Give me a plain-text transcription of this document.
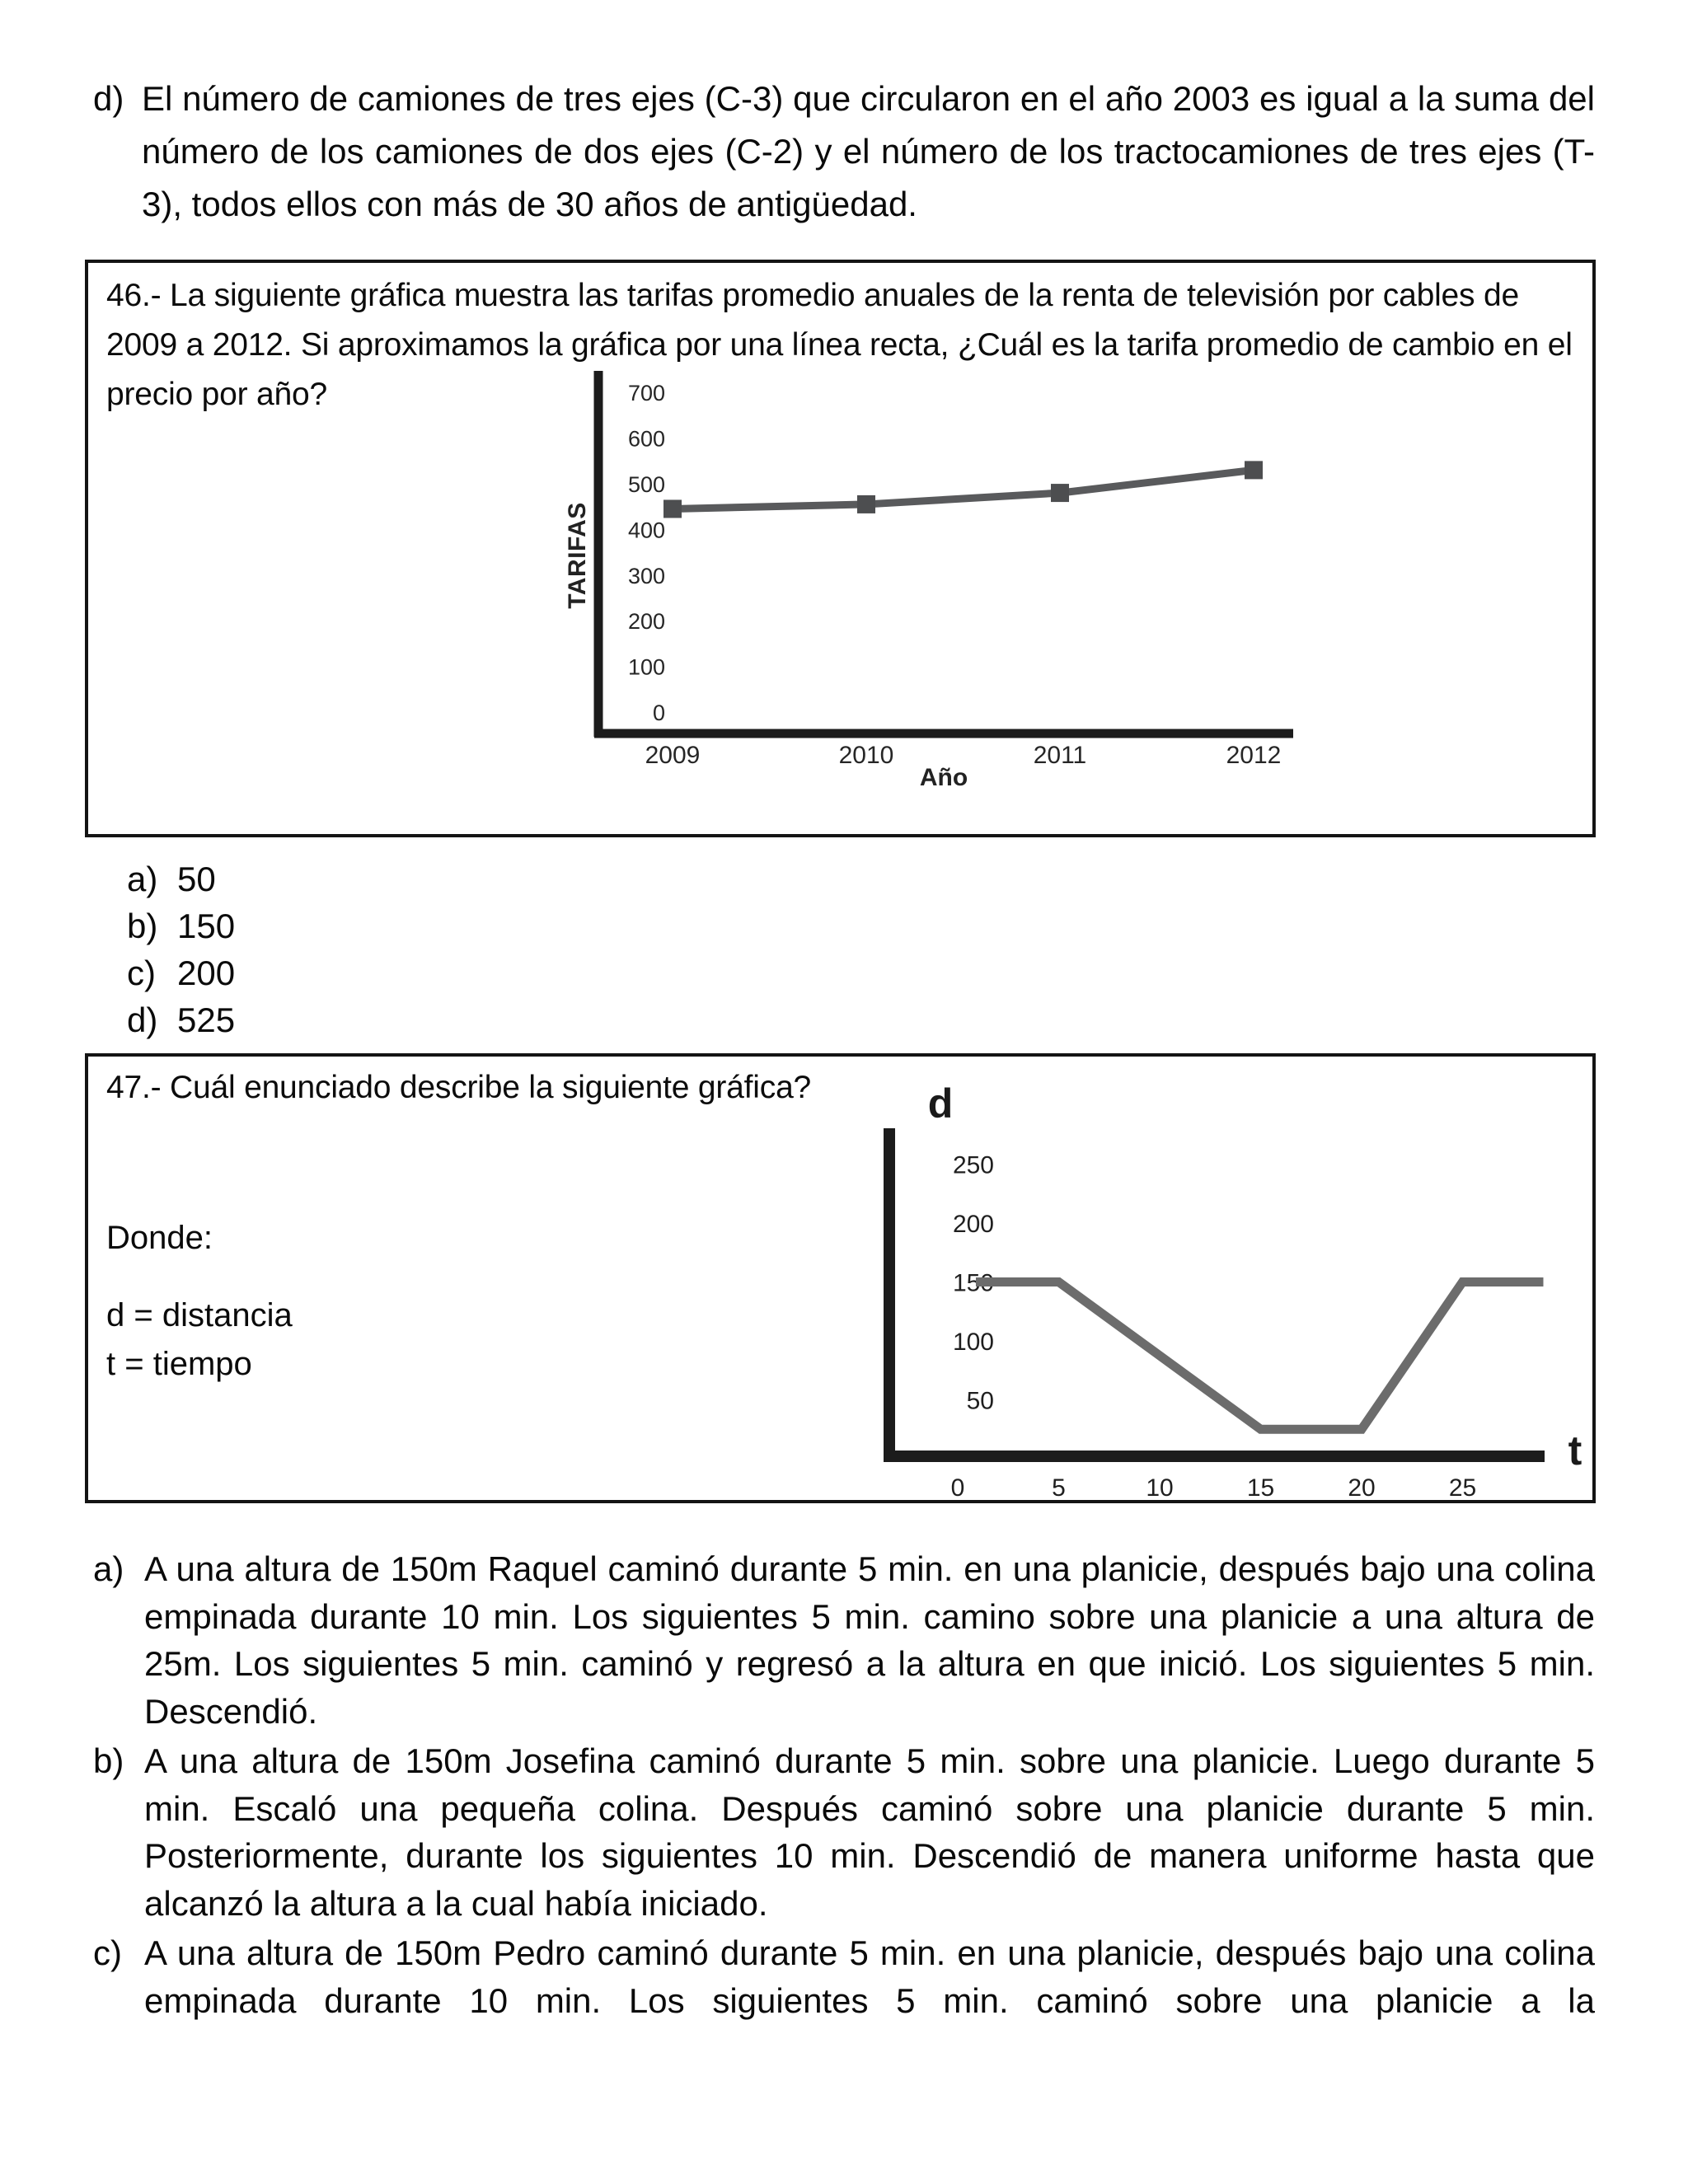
d) El número de camiones de tres ejes (C-3) que circularon en el año 2003 es igual a la suma del número de los camiones de dos ejes (C-2) y el número de los tractocamiones de tres ejes (T-3), todos ellos con más de 30 años de antigüedad.
46.- La siguiente gráfica muestra las tarifas promedio anuales de la renta de televisión por cables de 2009 a 2012. Si aproximamos la gráfica por una línea recta, ¿Cuál es la tarifa promedio de cambio en el precio por año?
TARIFAS
700
600
500
400
300
200
100
0
2009	2010	2011	2012
Año
a) 50
b) 150
c) 200
d) 525
47.- Cuál enunciado describe la siguiente gráfica?
Donde:
d = distancia
t = tiempo
d
250
200
150
100
50
0	5	10	15	20	25
t
a) A una altura de 150m Raquel caminó durante 5 min. en una planicie, después bajo una colina empinada durante 10 min. Los siguientes 5 min. camino sobre una planicie a una altura de 25m. Los siguientes 5 min. caminó y regresó a la altura en que inició. Los siguientes 5 min. Descendió.
b) A una altura de 150m Josefina caminó durante 5 min. sobre una planicie. Luego durante 5 min. Escaló una pequeña colina. Después caminó sobre una planicie durante 5 min. Posteriormente, durante los siguientes 10 min. Descendió de manera uniforme hasta que alcanzó la altura a la cual había iniciado.
c) A una altura de 150m Pedro caminó durante 5 min. en una planicie, después bajo una colina empinada durante 10 min. Los siguientes 5 min. caminó sobre una planicie a la
